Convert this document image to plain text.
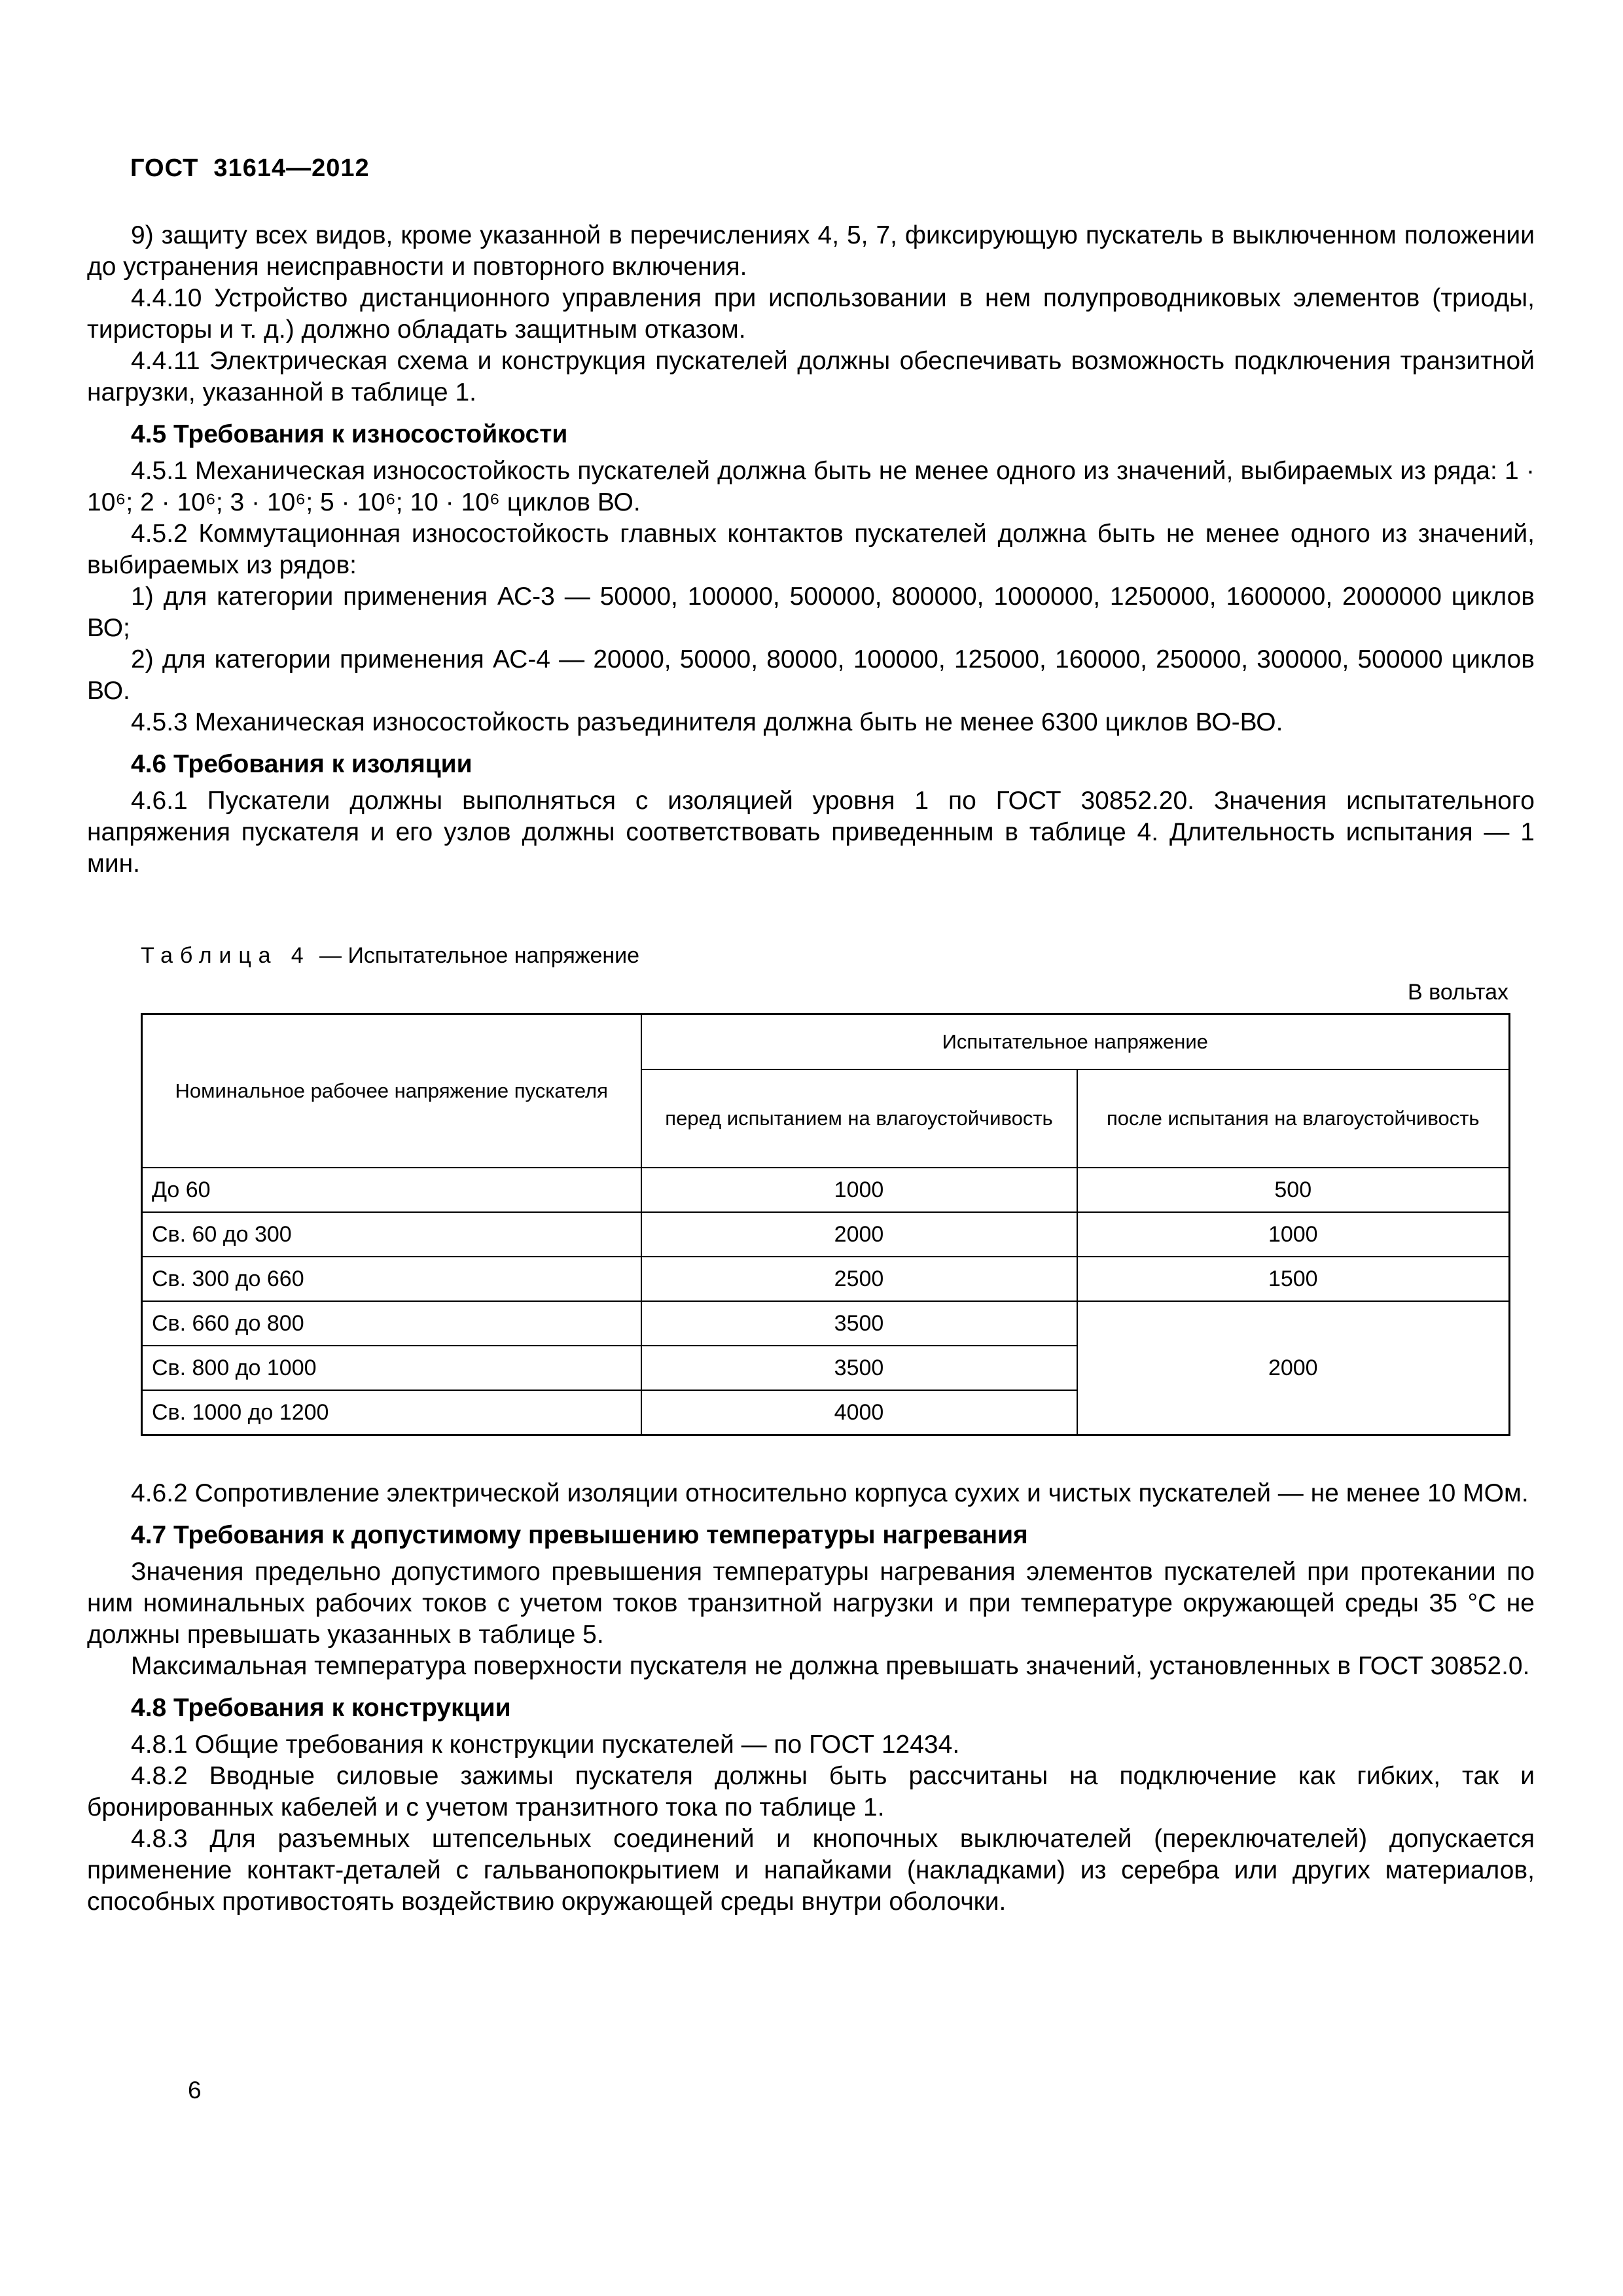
ГОСТ  31614—2012

9) защиту всех видов, кроме указанной в перечислениях 4, 5, 7, фиксирующую пускатель в выключенном положении до устранения неисправности и повторного включения.

4.4.10 Устройство дистанционного управления при использовании в нем полупроводниковых элементов (триоды, тиристоры и т. д.) должно обладать защитным отказом.

4.4.11 Электрическая схема и конструкция пускателей должны обеспечивать возможность подключения транзитной нагрузки, указанной в таблице 1.

4.5 Требования к износостойкости

4.5.1 Механическая износостойкость пускателей должна быть не менее одного из значений, выбираемых из ряда: 1 · 10⁶; 2 · 10⁶; 3 · 10⁶; 5 · 10⁶; 10 · 10⁶ циклов ВО.

4.5.2 Коммутационная износостойкость главных контактов пускателей должна быть не менее одного из значений, выбираемых из рядов:

1) для категории применения АС-3 — 50000, 100000, 500000, 800000, 1000000, 1250000, 1600000, 2000000 циклов ВО;

2) для категории применения АС-4 — 20000, 50000, 80000, 100000, 125000, 160000, 250000, 300000, 500000 циклов ВО.

4.5.3 Механическая износостойкость разъединителя должна быть не менее 6300 циклов ВО-ВО.

4.6 Требования к изоляции

4.6.1 Пускатели должны выполняться с изоляцией уровня 1 по ГОСТ 30852.20. Значения испытательного напряжения пускателя и его узлов должны соответствовать приведенным в таблице 4. Длительность испытания — 1 мин.

Таблица 4 — Испытательное напряжение
В вольтах
Номинальное рабочее напряжение пускателя	Испытательное напряжение	
	перед испытанием на влагоустойчивость	после испытания на влагоустойчивость
До 60	1000	500
Св. 60 до 300	2000	1000
Св. 300 до 660	2500	1500
Св. 660 до 800	3500	2000
Св. 800 до 1000	3500	
Св. 1000 до 1200	4000	

4.6.2 Сопротивление электрической изоляции относительно корпуса сухих и чистых пускателей — не менее 10 МОм.

4.7 Требования к допустимому превышению температуры нагревания

Значения предельно допустимого превышения температуры нагревания элементов пускателей при протекании по ним номинальных рабочих токов с учетом токов транзитной нагрузки и при температуре окружающей среды 35 °С не должны превышать указанных в таблице 5.

Максимальная температура поверхности пускателя не должна превышать значений, установленных в ГОСТ 30852.0.

4.8 Требования к конструкции

4.8.1 Общие требования к конструкции пускателей — по ГОСТ 12434.

4.8.2 Вводные силовые зажимы пускателя должны быть рассчитаны на подключение как гибких, так и бронированных кабелей и с учетом транзитного тока по таблице 1.

4.8.3 Для разъемных штепсельных соединений и кнопочных выключателей (переключателей) допускается применение контакт-деталей с гальванопокрытием и напайками (накладками) из серебра или других материалов, способных противостоять воздействию окружающей среды внутри оболочки.

6
